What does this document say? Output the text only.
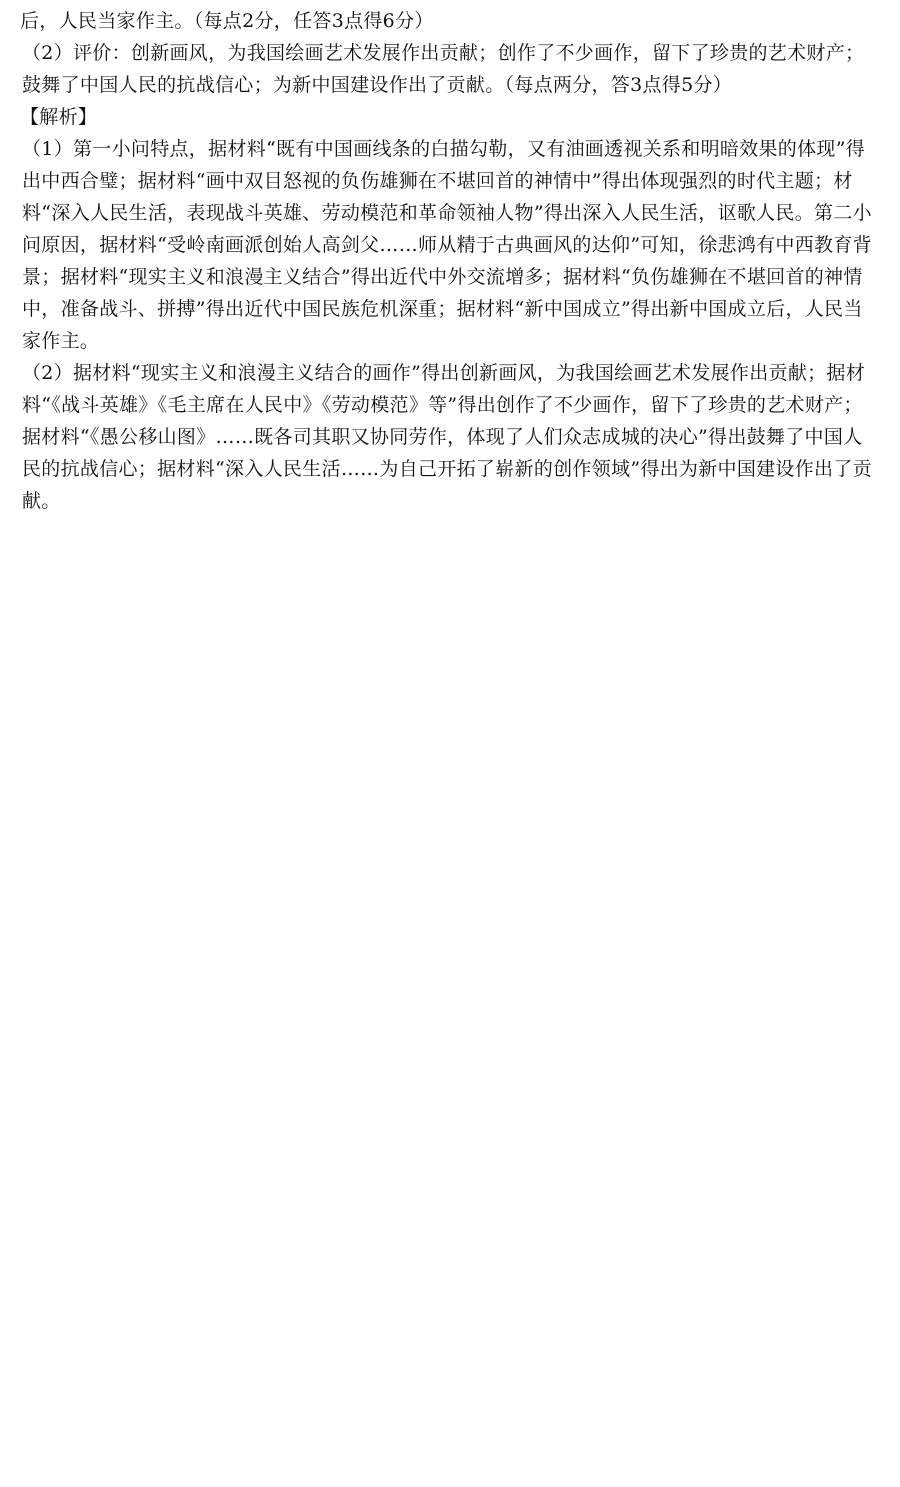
后，人民当家作主。（每点2分，任答3点得6分）

（2）评价：创新画风，为我国绘画艺术发展作出贡献；创作了不少画作，留下了珍贵的艺术财产；鼓舞了中国人民的抗战信心；为新中国建设作出了贡献。（每点两分，答3点得5分）

【解析】

（1）第一小问特点，据材料“既有中国画线条的白描勾勒，又有油画透视关系和明暗效果的体现”得出中西合璧；据材料“画中双目怒视的负伤雄狮在不堪回首的神情中”得出体现强烈的时代主题；材料“深入人民生活，表现战斗英雄、劳动模范和革命领袖人物”得出深入人民生活，讴歌人民。第二小问原因，据材料“受岭南画派创始人高剑父……师从精于古典画风的达仰”可知，徐悲鸿有中西教育背景；据材料“现实主义和浪漫主义结合”得出近代中外交流增多；据材料“负伤雄狮在不堪回首的神情中，准备战斗、拼搏”得出近代中国民族危机深重；据材料“新中国成立”得出新中国成立后，人民当家作主。

（2）据材料“现实主义和浪漫主义结合的画作”得出创新画风，为我国绘画艺术发展作出贡献；据材料“《战斗英雄》《毛主席在人民中》《劳动模范》等”得出创作了不少画作，留下了珍贵的艺术财产；据材料“《愚公移山图》……既各司其职又协同劳作，体现了人们众志成城的决心”得出鼓舞了中国人民的抗战信心；据材料“深入人民生活……为自己开拓了崭新的创作领域”得出为新中国建设作出了贡献。
